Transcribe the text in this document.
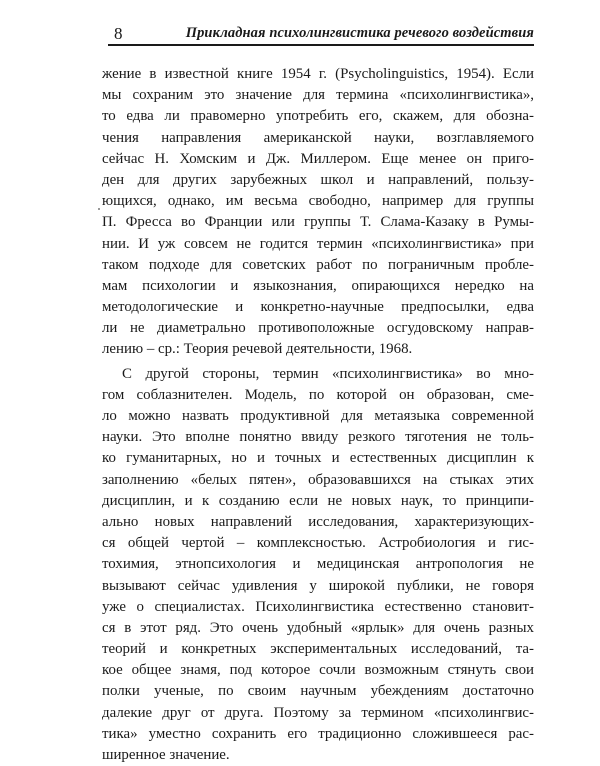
8	Прикладная психолингвистика речевого воздействия
жение в известной книге 1954 г. (Psycholinguistics, 1954). Если
мы сохраним это значение для термина «психолингвистика»,
то едва ли правомерно употребить его, скажем, для обозна-
чения направления американской науки, возглавляемого
сейчас Н. Хомским и Дж. Миллером. Еще менее он приго-
ден для других зарубежных школ и направлений, пользу-
ющихся, однако, им весьма свободно, например для группы
П. Фресса во Франции или группы Т. Слама-Казаку в Румы-
нии. И уж совсем не годится термин «психолингвистика» при
таком подходе для советских работ по пограничным пробле-
мам психологии и языкознания, опирающихся нередко на
методологические и конкретно-научные предпосылки, едва
ли не диаметрально противоположные осгудовскому направ-
лению – ср.: Теория речевой деятельности, 1968.
С другой стороны, термин «психолингвистика» во мно-
гом соблазнителен. Модель, по которой он образован, сме-
ло можно назвать продуктивной для метаязыка современной
науки. Это вполне понятно ввиду резкого тяготения не толь-
ко гуманитарных, но и точных и естественных дисциплин к
заполнению «белых пятен», образовавшихся на стыках этих
дисциплин, и к созданию если не новых наук, то принципи-
ально новых направлений исследования, характеризующих-
ся общей чертой – комплексностью. Астробиология и гис-
тохимия, этнопсихология и медицинская антропология не
вызывают сейчас удивления у широкой публики, не говоря
уже о специалистах. Психолингвистика естественно становит-
ся в этот ряд. Это очень удобный «ярлык» для очень разных
теорий и конкретных экспериментальных исследований, та-
кое общее знамя, под которое сочли возможным стянуть свои
полки ученые, по своим научным убеждениям достаточно
далекие друг от друга. Поэтому за термином «психолингвис-
тика» уместно сохранить его традиционно сложившееся рас-
ширенное значение.
